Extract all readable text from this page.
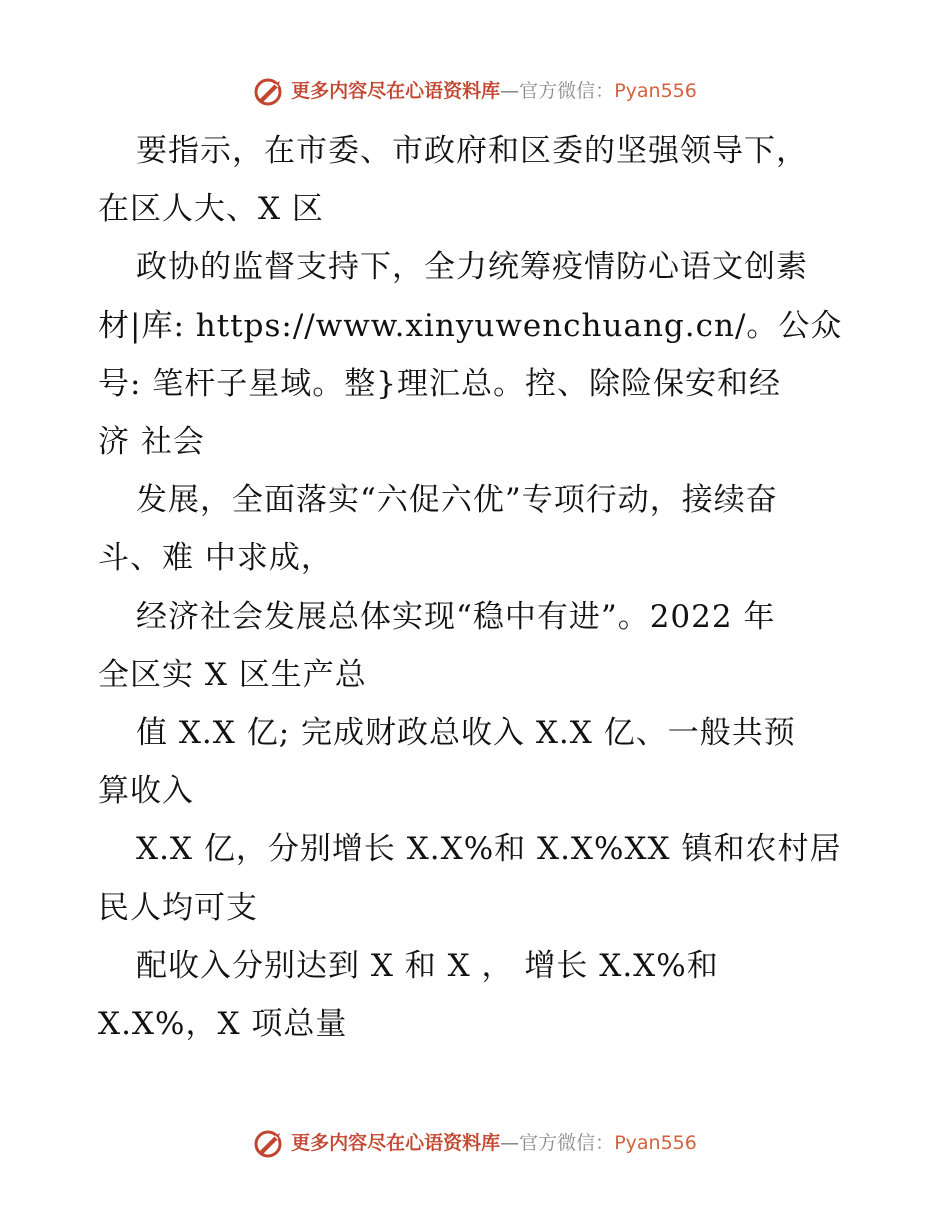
更多内容尽在心语资料库 — 官方微信： Pyan556

要指示，在市委、市政府和区委的坚强领导下，

在区人大、X 区

政协的监督支持下，全力统筹疫情防心语文创素

材|库: https://www.xinyuwenchuang.cn/。公众

号: 笔杆子星域。整}理汇总。控、除险保安和经

济 社会

发展，全面落实“六促六优”专项行动，接续奋

斗、难 中求成，

经济社会发展总体实现“稳中有进”。2022 年

全区实 X 区生产总

值 X.X 亿; 完成财政总收入 X.X 亿、一般共预

算收入

X.X 亿，分别增长 X.X%和 X.X%XX 镇和农村居

民人均可支

配收入分别达到 X 和 X ， 增长 X.X%和

X.X%，X 项总量

更多内容尽在心语资料库 — 官方微信： Pyan556
